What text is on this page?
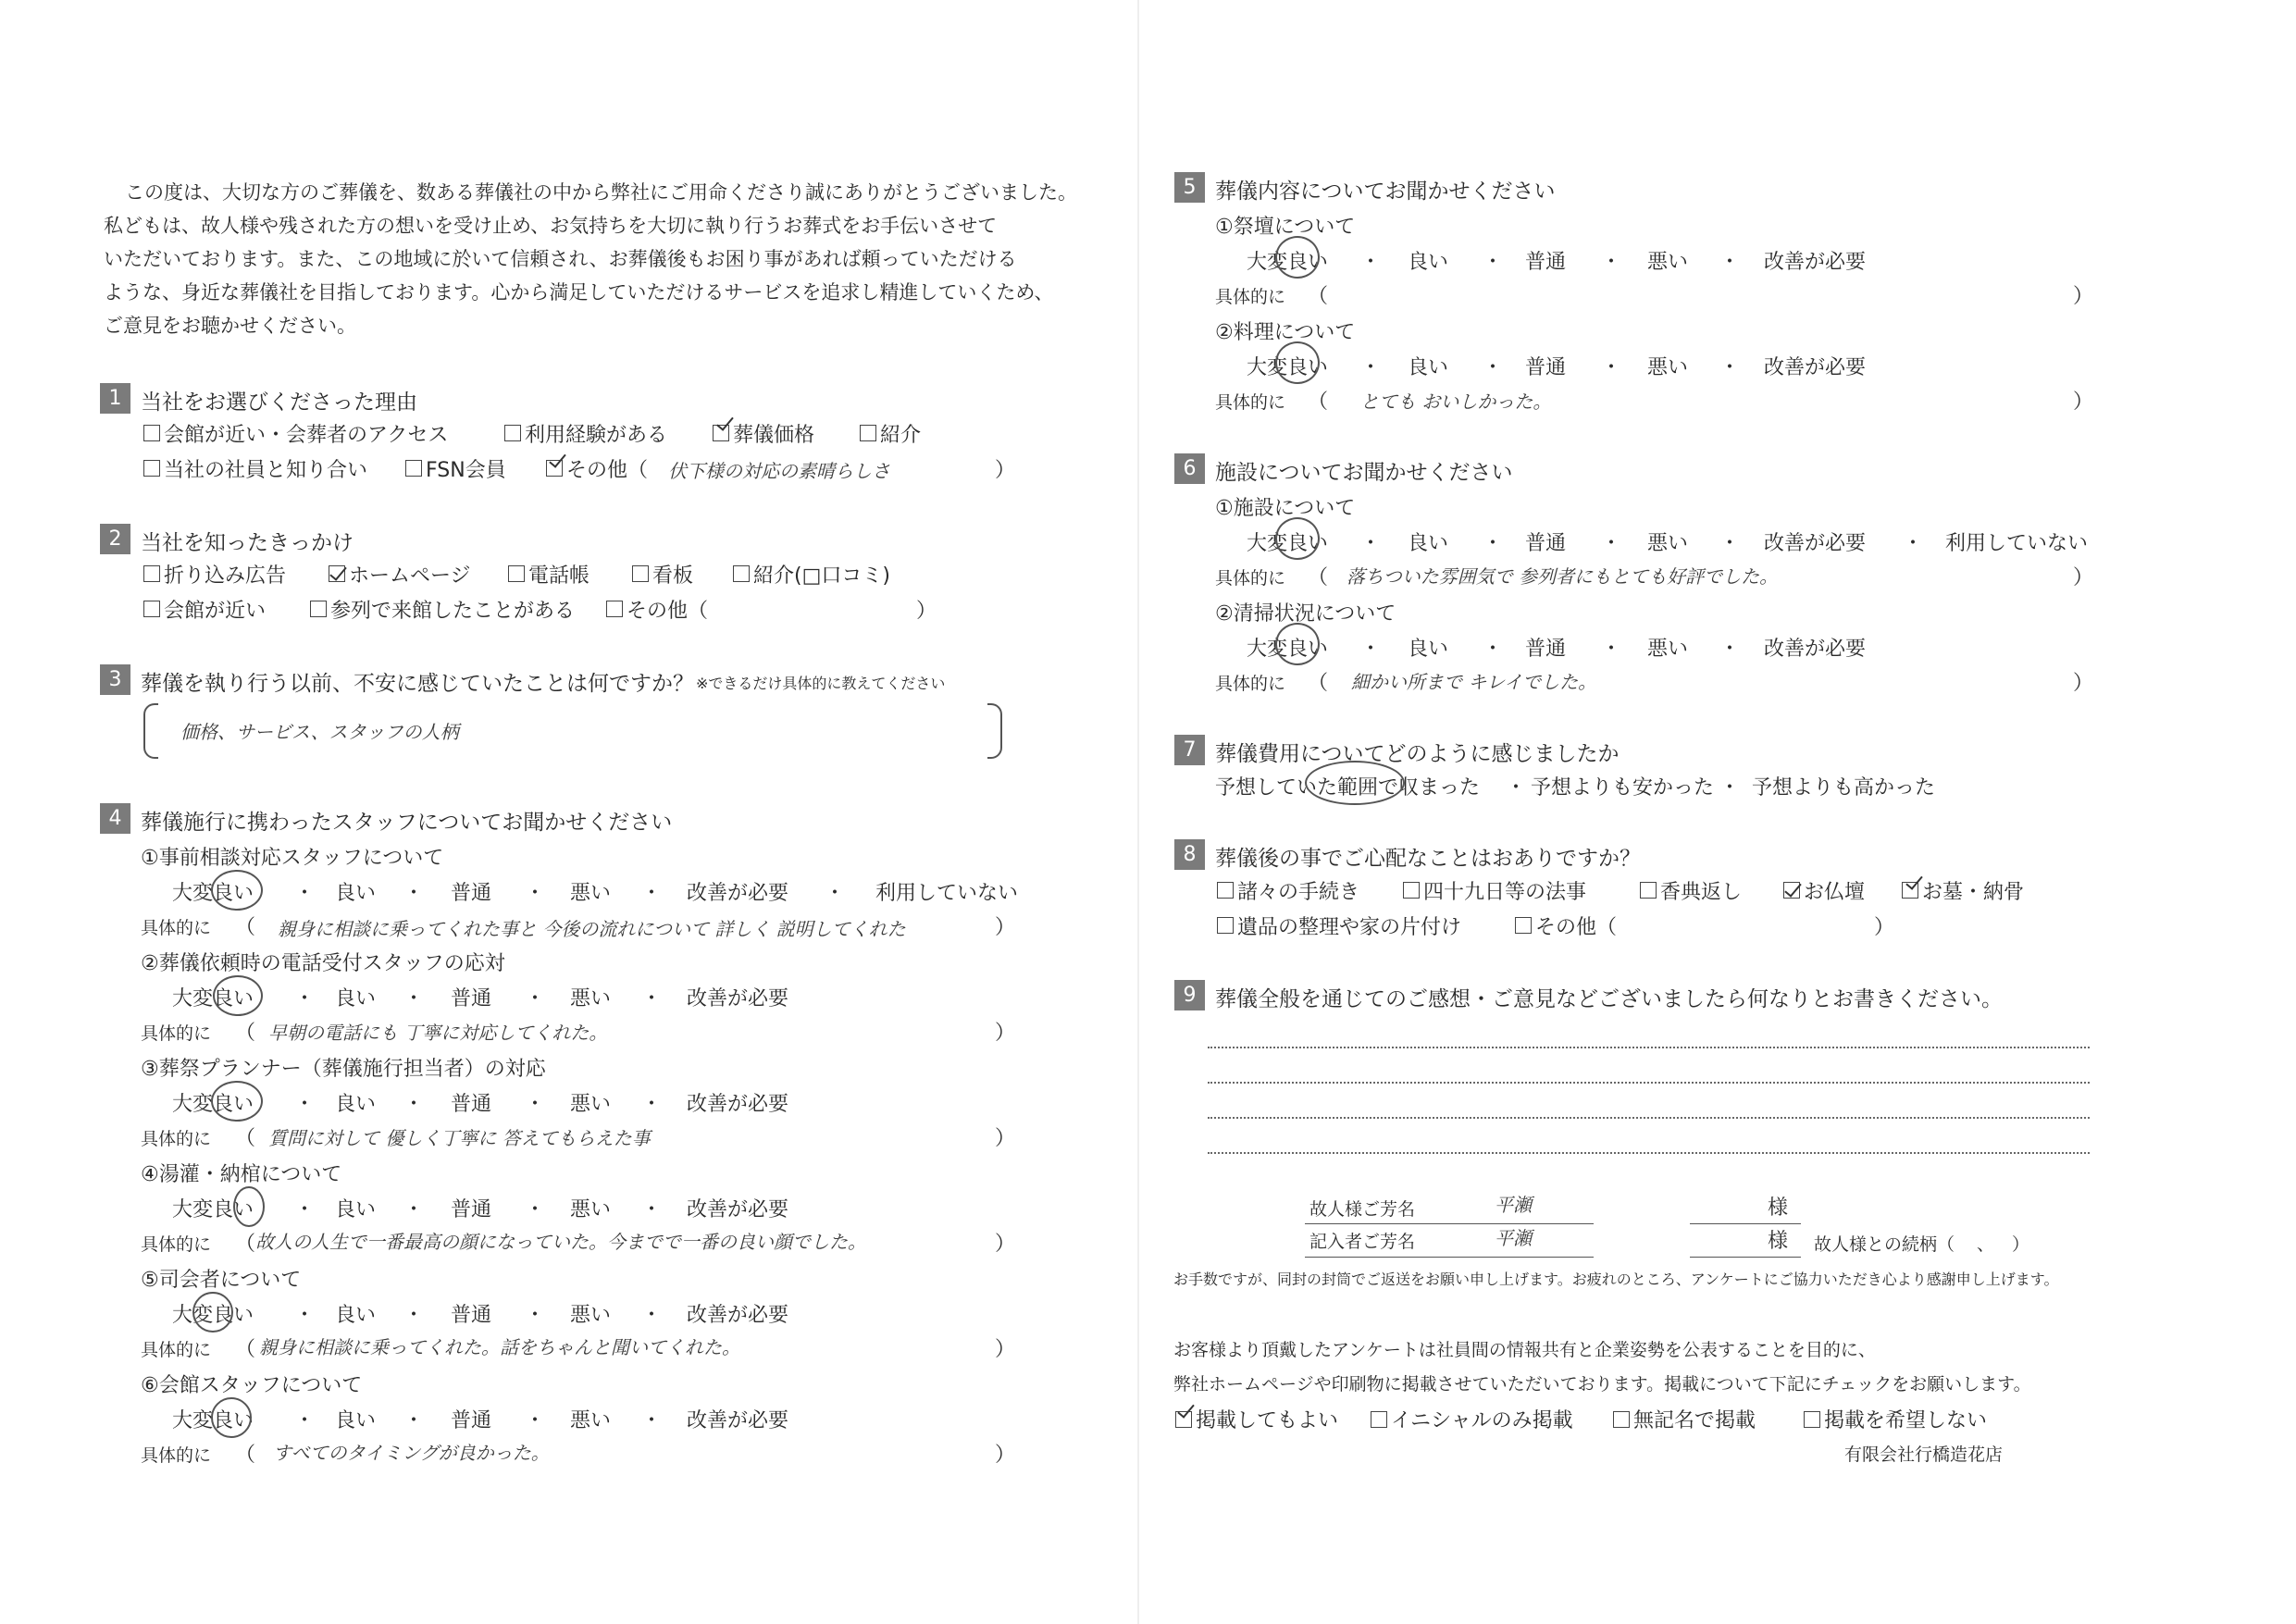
この度は、大切な方のご葬儀を、数ある葬儀社の中から弊社にご用命くださり誠にありがとうございました。
私どもは、故人様や残された方の想いを受け止め、お気持ちを大切に執り行うお葬式をお手伝いさせて
いただいております。また、この地域に於いて信頼され、お葬儀後もお困り事があれば頼っていただける
ような、身近な葬儀社を目指しております。心から満足していただけるサービスを追求し精進していくため、
ご意見をお聴かせください。
1 当社をお選びくださった理由
会館が近い・会葬者のアクセス	利用経験がある	葬儀価格	紹介
当社の社員と知り合い	FSN会員	その他（ 伏下様の対応の素晴らしさ	）
2 当社を知ったきっかけ
折り込み広告	ホームページ	電話帳	看板	紹介(□口コミ)
会館が近い	参列で来館したことがある	その他（	）
3 葬儀を執り行う以前、不安に感じていたことは何ですか？ ※できるだけ具体的に教えてください
価格、サービス、スタッフの人柄
4 葬儀施行に携わったスタッフについてお聞かせください
①事前相談対応スタッフについて
大変良い ・ 良い ・ 普通 ・ 悪い ・ 改善が必要 ・ 利用していない
具体的に （ 親身に相談に乗ってくれた事と 今後の流れについて 詳しく 説明してくれた	）
②葬儀依頼時の電話受付スタッフの応対
大変良い ・ 良い ・ 普通 ・ 悪い ・ 改善が必要
具体的に （ 早朝の電話にも 丁寧に対応してくれた。	）
③葬祭プランナー（葬儀施行担当者）の対応
大変良い ・ 良い ・ 普通 ・ 悪い ・ 改善が必要
具体的に （ 質問に対して 優しく丁寧に 答えてもらえた事	）
④湯灌・納棺について
大変良い ・ 良い ・ 普通 ・ 悪い ・ 改善が必要
具体的に （ 故人の人生で一番最高の顔になっていた。今までで一番の良い顔でした。	）
⑤司会者について
大変良い ・ 良い ・ 普通 ・ 悪い ・ 改善が必要
具体的に （ 親身に相談に乗ってくれた。話をちゃんと聞いてくれた。	）
⑥会館スタッフについて
大変良い ・ 良い ・ 普通 ・ 悪い ・ 改善が必要
具体的に （ すべてのタイミングが良かった。	）
5 葬儀内容についてお聞かせください
①祭壇について
大変良い ・ 良い ・ 普通 ・ 悪い ・ 改善が必要
具体的に （	）
②料理について
大変良い ・ 良い ・ 普通 ・ 悪い ・ 改善が必要
具体的に （ とても おいしかった。	）
6 施設についてお聞かせください
①施設について
大変良い ・ 良い ・ 普通 ・ 悪い ・ 改善が必要 ・ 利用していない
具体的に （ 落ちついた雰囲気で 参列者にもとても好評でした。	）
②清掃状況について
大変良い ・ 良い ・ 普通 ・ 悪い ・ 改善が必要
具体的に （ 細かい所まで キレイでした。	）
7 葬儀費用についてどのように感じましたか
予想していた範囲で収まった ・ 予想よりも安かった ・ 予想よりも高かった
8 葬儀後の事でご心配なことはおありですか？
諸々の手続き	四十九日等の法事	香典返し	お仏壇	お墓・納骨
遺品の整理や家の片付け	その他（	）
9 葬儀全般を通じてのご感想・ご意見などございましたら何なりとお書きください。
故人様ご芳名	平瀬	様
記入者ご芳名	平瀬	様 故人様との続柄（ 、 ）
お手数ですが、同封の封筒でご返送をお願い申し上げます。お疲れのところ、アンケートにご協力いただき心より感謝申し上げます。
お客様より頂戴したアンケートは社員間の情報共有と企業姿勢を公表することを目的に、
弊社ホームページや印刷物に掲載させていただいております。掲載について下記にチェックをお願いします。
掲載してもよい	イニシャルのみ掲載	無記名で掲載	掲載を希望しない
有限会社行橋造花店
